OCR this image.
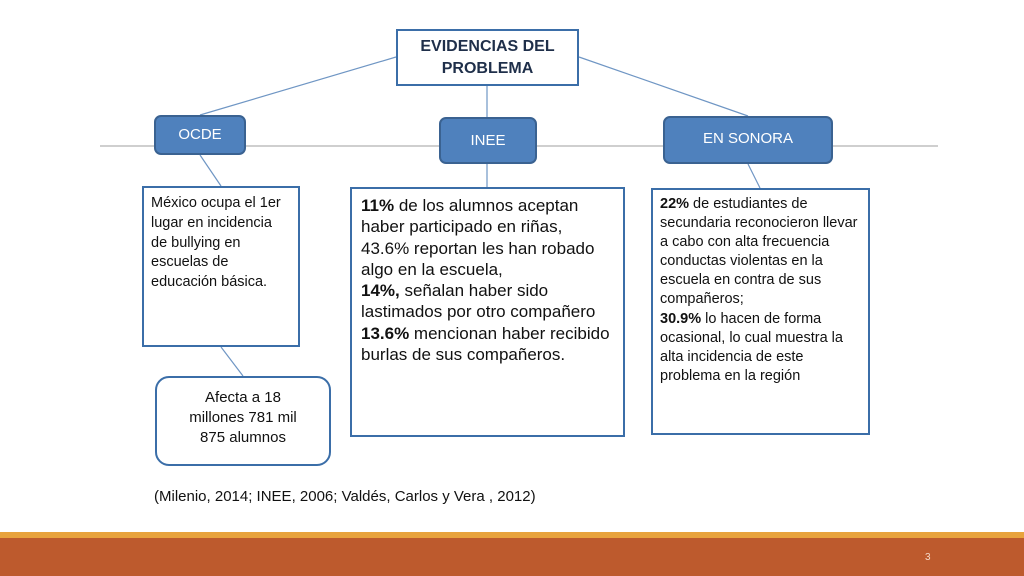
EVIDENCIAS DEL
PROBLEMA
OCDE	INEE	EN SONORA
México ocupa el 1er lugar en incidencia de bullying en escuelas de educación básica.
Afecta a 18
millones 781 mil
875 alumnos
11% de los alumnos aceptan haber participado en riñas, 43.6% reportan les han robado algo en la escuela,
14%, señalan haber sido lastimados por otro compañero
13.6% mencionan haber recibido burlas de sus compañeros.
22% de estudiantes de secundaria reconocieron llevar a cabo con alta frecuencia conductas violentas en la escuela en contra de sus compañeros;
30.9% lo hacen de forma ocasional, lo cual muestra la alta incidencia de este problema en la región
(Milenio, 2014; INEE, 2006; Valdés, Carlos y Vera , 2012)
3
